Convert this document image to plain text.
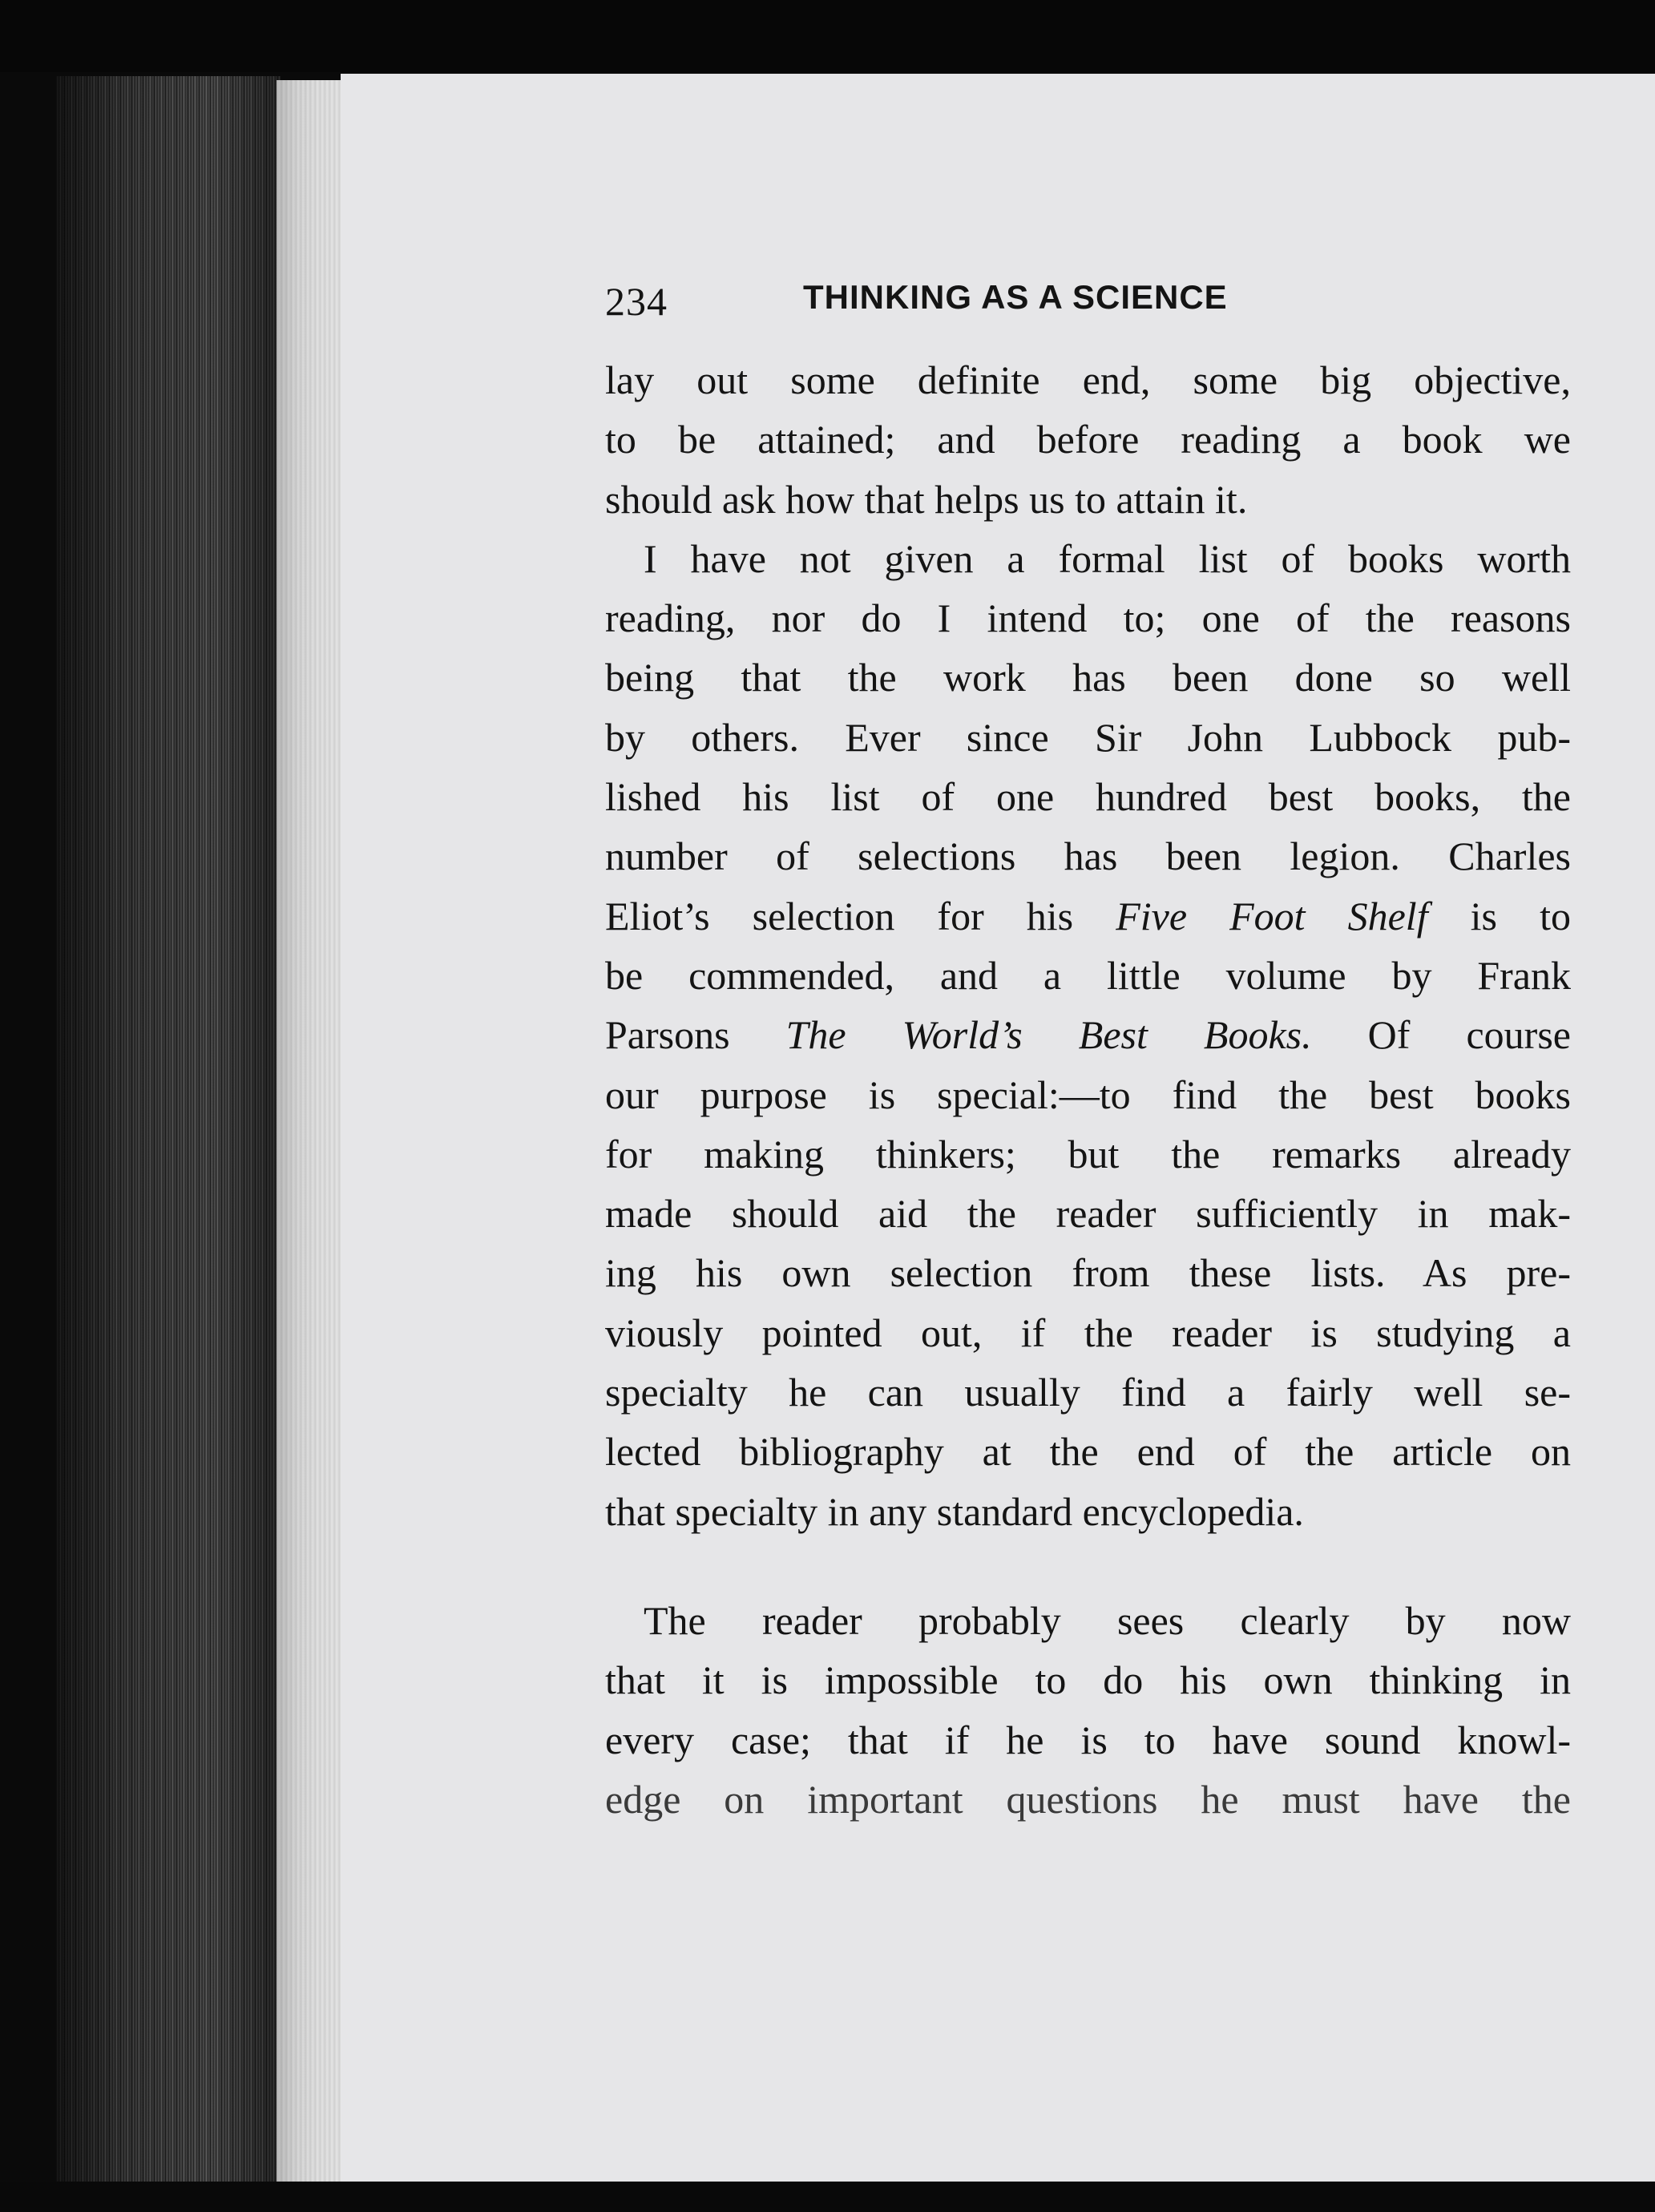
234	THINKING AS A SCIENCE

lay out some definite end, some big objective,
to be attained; and before reading a book we
should ask how that helps us to attain it.

I have not given a formal list of books worth
reading, nor do I intend to; one of the reasons
being that the work has been done so well
by others. Ever since Sir John Lubbock pub-
lished his list of one hundred best books, the
number of selections has been legion. Charles
Eliot’s selection for his Five Foot Shelf is to
be commended, and a little volume by Frank
Parsons The World’s Best Books. Of course
our purpose is special:—to find the best books
for making thinkers; but the remarks already
made should aid the reader sufficiently in mak-
ing his own selection from these lists. As pre-
viously pointed out, if the reader is studying a
specialty he can usually find a fairly well se-
lected bibliography at the end of the article on
that specialty in any standard encyclopedia.

The reader probably sees clearly by now
that it is impossible to do his own thinking in
every case; that if he is to have sound knowl-
edge on important questions he must have the
